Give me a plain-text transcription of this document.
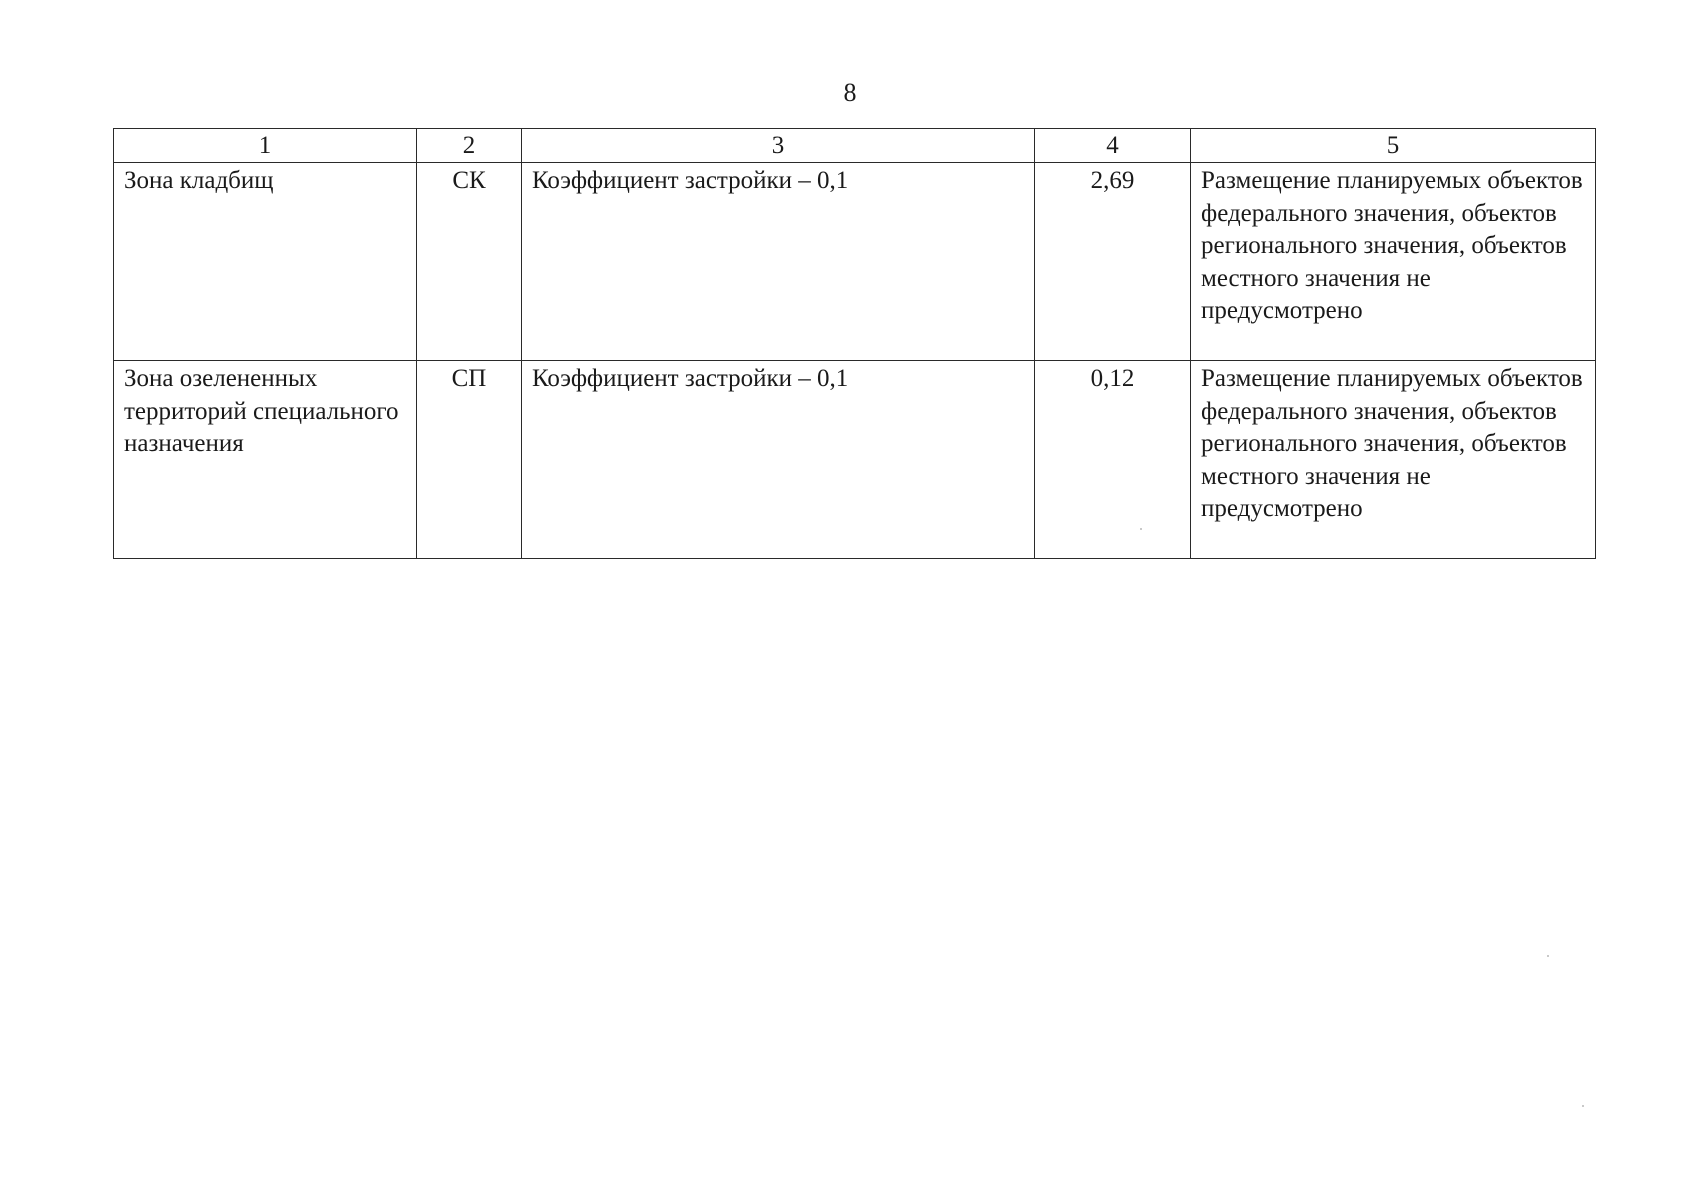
8
1	2	3	4	5
Зона кладбищ	СК	Коэффициент застройки – 0,1	2,69	Размещение планируемых объектов федерального значения, объектов регионального значения, объектов местного значения не предусмотрено
Зона озелененных территорий специального назначения	СП	Коэффициент застройки – 0,1	0,12	Размещение планируемых объектов федерального значения, объектов регионального значения, объектов местного значения не предусмотрено
